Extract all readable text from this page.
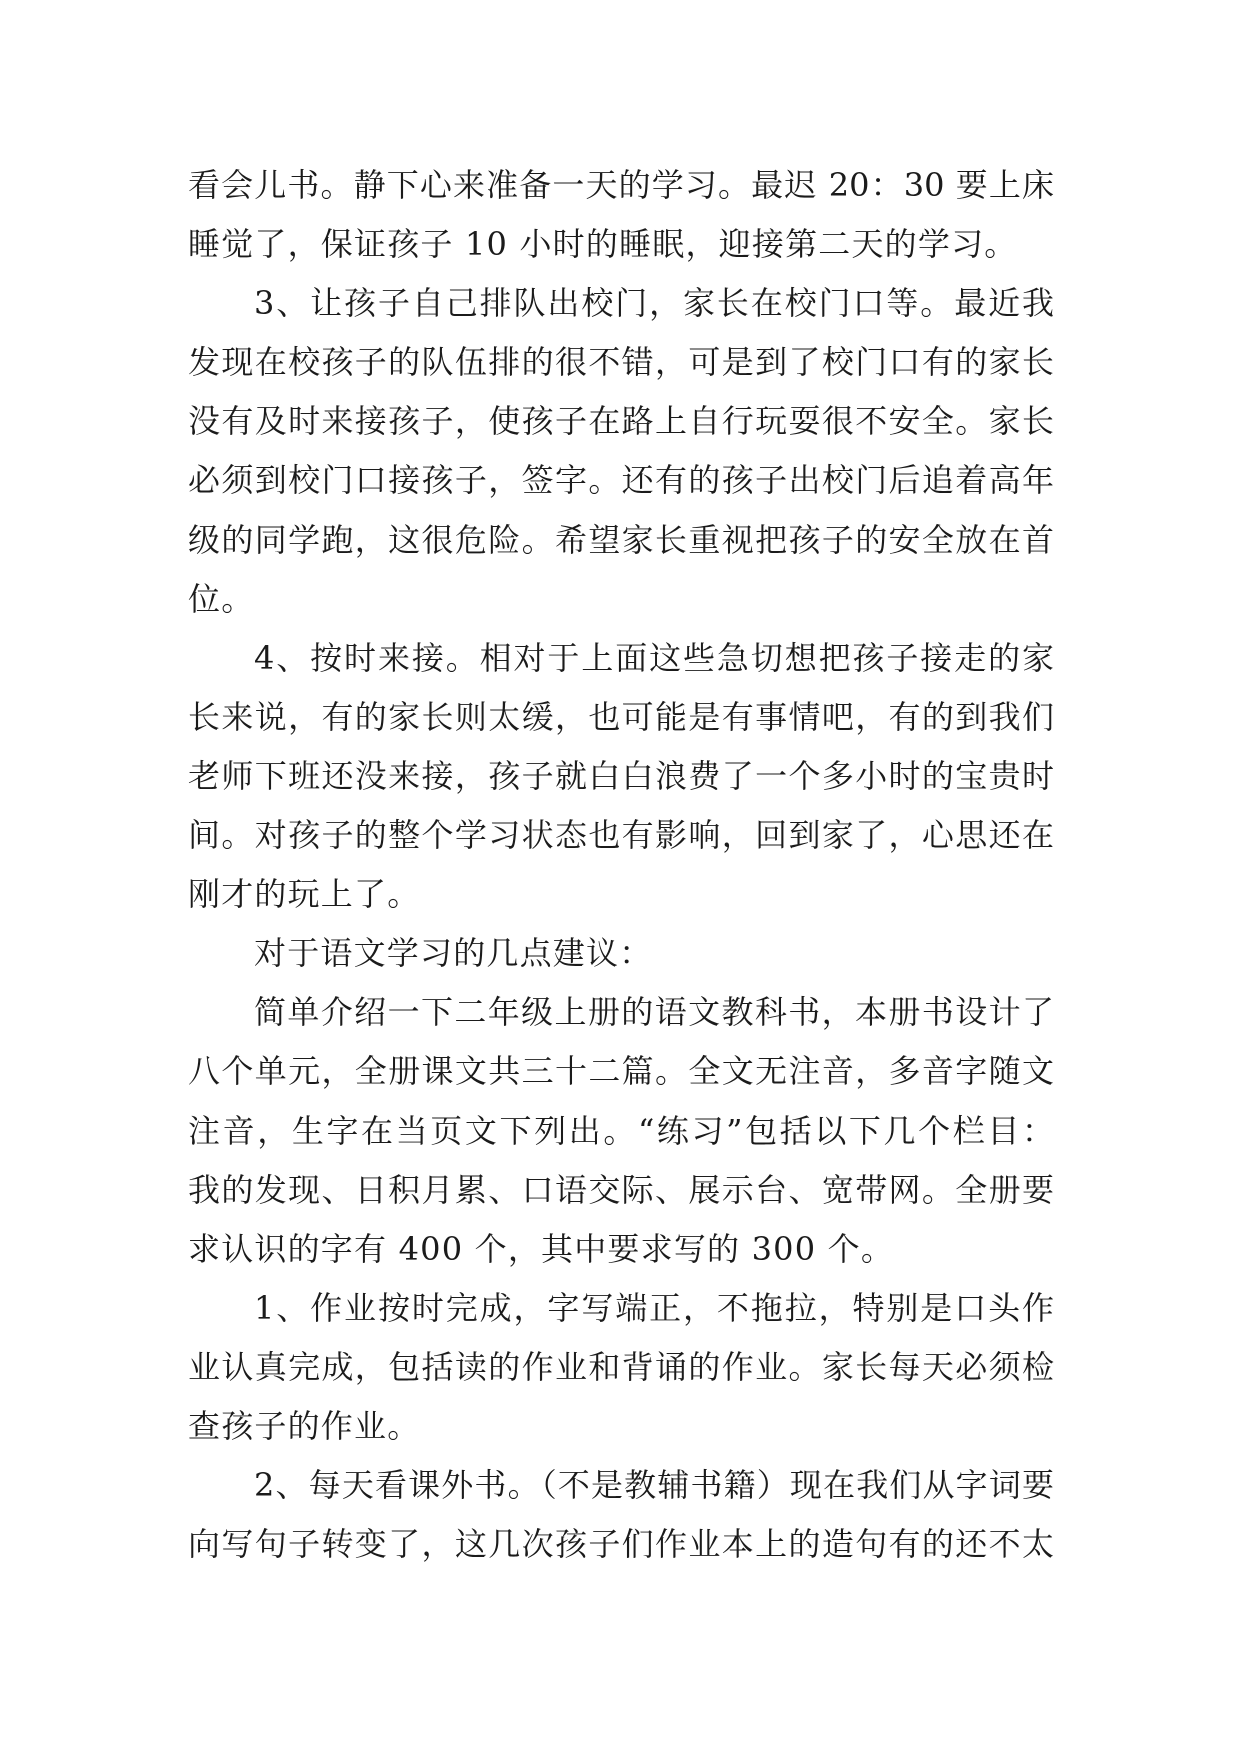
看会儿书。静下心来准备一天的学习。最迟 20：30 要上床
睡觉了，保证孩子 10 小时的睡眠，迎接第二天的学习。
3、让孩子自己排队出校门，家长在校门口等。最近我
发现在校孩子的队伍排的很不错，可是到了校门口有的家长
没有及时来接孩子，使孩子在路上自行玩耍很不安全。家长
必须到校门口接孩子，签字。还有的孩子出校门后追着高年
级的同学跑，这很危险。希望家长重视把孩子的安全放在首
位。
4、按时来接。相对于上面这些急切想把孩子接走的家
长来说，有的家长则太缓，也可能是有事情吧，有的到我们
老师下班还没来接，孩子就白白浪费了一个多小时的宝贵时
间。对孩子的整个学习状态也有影响，回到家了，心思还在
刚才的玩上了。
对于语文学习的几点建议：
简单介绍一下二年级上册的语文教科书，本册书设计了
八个单元，全册课文共三十二篇。全文无注音，多音字随文
注音，生字在当页文下列出。“练习”包括以下几个栏目：
我的发现、日积月累、口语交际、展示台、宽带网。全册要
求认识的字有 400 个，其中要求写的 300 个。
1、作业按时完成，字写端正，不拖拉，特别是口头作
业认真完成，包括读的作业和背诵的作业。家长每天必须检
查孩子的作业。
2、每天看课外书。（不是教辅书籍）现在我们从字词要
向写句子转变了，这几次孩子们作业本上的造句有的还不太
